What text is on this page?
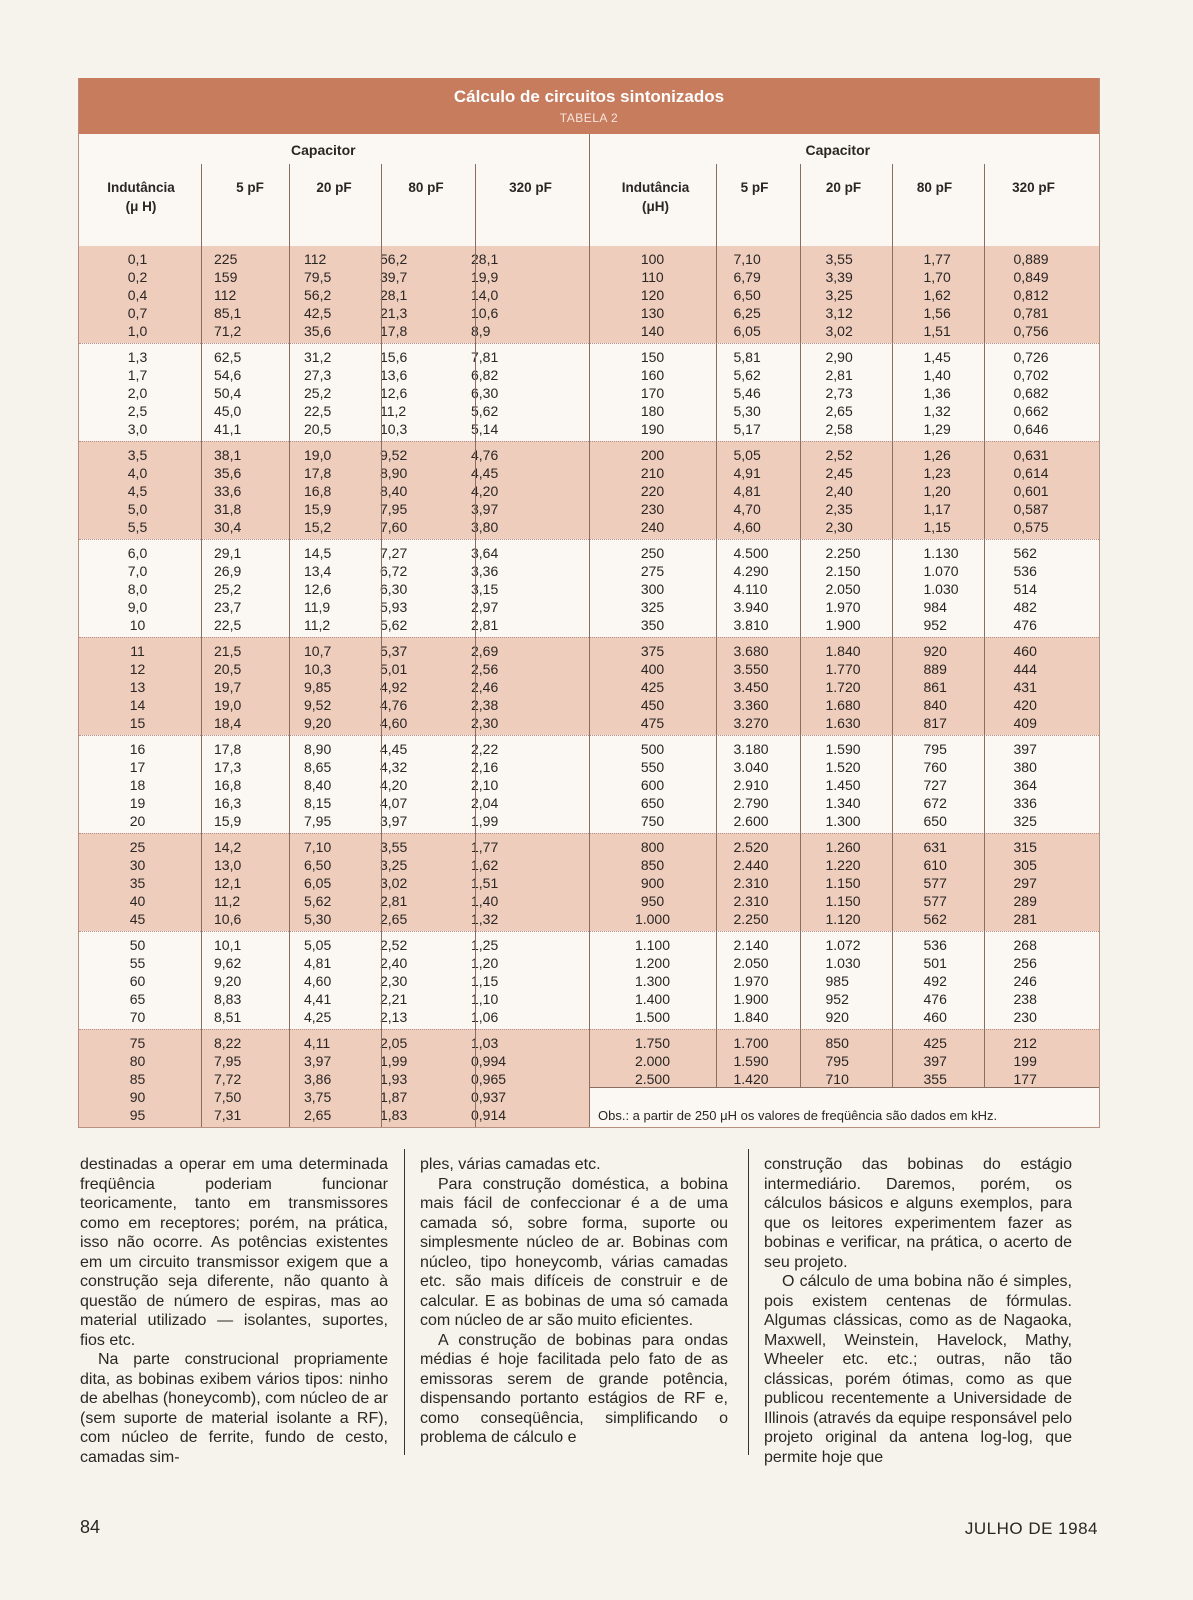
Cálculo de circuitos sintonizados
TABELA 2
Capacitor
Indutância
(μ H)
5 pF	20 pF	80 pF	320 pF
0,1	225	112	56,2	28,1
0,2	159	79,5	39,7	19,9
0,4	112	56,2	28,1	14,0
0,7	85,1	42,5	21,3	10,6
1,0	71,2	35,6	17,8	8,9
1,3	62,5	31,2	15,6	7,81
1,7	54,6	27,3	13,6	6,82
2,0	50,4	25,2	12,6	6,30
2,5	45,0	22,5	11,2	5,62
3,0	41,1	20,5	10,3	5,14
3,5	38,1	19,0	9,52	4,76
4,0	35,6	17,8	8,90	4,45
4,5	33,6	16,8	8,40	4,20
5,0	31,8	15,9	7,95	3,97
5,5	30,4	15,2	7,60	3,80
6,0	29,1	14,5	7,27	3,64
7,0	26,9	13,4	6,72	3,36
8,0	25,2	12,6	6,30	3,15
9,0	23,7	11,9	5,93	2,97
10	22,5	11,2	5,62	2,81
11	21,5	10,7	5,37	2,69
12	20,5	10,3	5,01	2,56
13	19,7	9,85	4,92	2,46
14	19,0	9,52	4,76	2,38
15	18,4	9,20	4,60	2,30
16	17,8	8,90	4,45	2,22
17	17,3	8,65	4,32	2,16
18	16,8	8,40	4,20	2,10
19	16,3	8,15	4,07	2,04
20	15,9	7,95	3,97	1,99
25	14,2	7,10	3,55	1,77
30	13,0	6,50	3,25	1,62
35	12,1	6,05	3,02	1,51
40	11,2	5,62	2,81	1,40
45	10,6	5,30	2,65	1,32
50	10,1	5,05	2,52	1,25
55	9,62	4,81	2,40	1,20
60	9,20	4,60	2,30	1,15
65	8,83	4,41	2,21	1,10
70	8,51	4,25	2,13	1,06
75	8,22	4,11	2,05	1,03
80	7,95	3,97	1,99	0,994
85	7,72	3,86	1,93	0,965
90	7,50	3,75	1,87	0,937
95	7,31	2,65	1,83	0,914
Capacitor
Indutância
(μH)
5 pF	20 pF	80 pF	320 pF
100	7,10	3,55	1,77	0,889
110	6,79	3,39	1,70	0,849
120	6,50	3,25	1,62	0,812
130	6,25	3,12	1,56	0,781
140	6,05	3,02	1,51	0,756
150	5,81	2,90	1,45	0,726
160	5,62	2,81	1,40	0,702
170	5,46	2,73	1,36	0,682
180	5,30	2,65	1,32	0,662
190	5,17	2,58	1,29	0,646
200	5,05	2,52	1,26	0,631
210	4,91	2,45	1,23	0,614
220	4,81	2,40	1,20	0,601
230	4,70	2,35	1,17	0,587
240	4,60	2,30	1,15	0,575
250	4.500	2.250	1.130	562
275	4.290	2.150	1.070	536
300	4.110	2.050	1.030	514
325	3.940	1.970	984	482
350	3.810	1.900	952	476
375	3.680	1.840	920	460
400	3.550	1.770	889	444
425	3.450	1.720	861	431
450	3.360	1.680	840	420
475	3.270	1.630	817	409
500	3.180	1.590	795	397
550	3.040	1.520	760	380
600	2.910	1.450	727	364
650	2.790	1.340	672	336
750	2.600	1.300	650	325
800	2.520	1.260	631	315
850	2.440	1.220	610	305
900	2.310	1.150	577	297
950	2.310	1.150	577	289
1.000	2.250	1.120	562	281
1.100	2.140	1.072	536	268
1.200	2.050	1.030	501	256
1.300	1.970	985	492	246
1.400	1.900	952	476	238
1.500	1.840	920	460	230
1.750	1.700	850	425	212
2.000	1.590	795	397	199
2.500	1.420	710	355	177
Obs.: a partir de 250 μH os valores de freqüência são dados em kHz.

destinadas a operar em uma determinada freqüência poderiam funcionar teoricamente, tanto em transmissores como em receptores; porém, na prática, isso não ocorre. As potências existentes em um circuito transmissor exigem que a construção seja diferente, não quanto à questão de número de espiras, mas ao material utilizado — isolantes, suportes, fios etc.

Na parte construcional propriamente dita, as bobinas exibem vários tipos: ninho de abelhas (honeycomb), com núcleo de ar (sem suporte de material isolante a RF), com núcleo de ferrite, fundo de cesto, camadas sim-

ples, várias camadas etc.

Para construção doméstica, a bobina mais fácil de confeccionar é a de uma camada só, sobre forma, suporte ou simplesmente núcleo de ar. Bobinas com núcleo, tipo honeycomb, várias camadas etc. são mais difíceis de construir e de calcular. E as bobinas de uma só camada com núcleo de ar são muito eficientes.

A construção de bobinas para ondas médias é hoje facilitada pelo fato de as emissoras serem de grande potência, dispensando portanto estágios de RF e, como conseqüência, simplificando o problema de cálculo e

construção das bobinas do estágio intermediário. Daremos, porém, os cálculos básicos e alguns exemplos, para que os leitores experimentem fazer as bobinas e verificar, na prática, o acerto de seu projeto.

O cálculo de uma bobina não é simples, pois existem centenas de fórmulas. Algumas clássicas, como as de Nagaoka, Maxwell, Weinstein, Havelock, Mathy, Wheeler etc. etc.; outras, não tão clássicas, porém ótimas, como as que publicou recentemente a Universidade de Illinois (através da equipe responsável pelo projeto original da antena log-log, que permite hoje que

84	JULHO DE 1984
